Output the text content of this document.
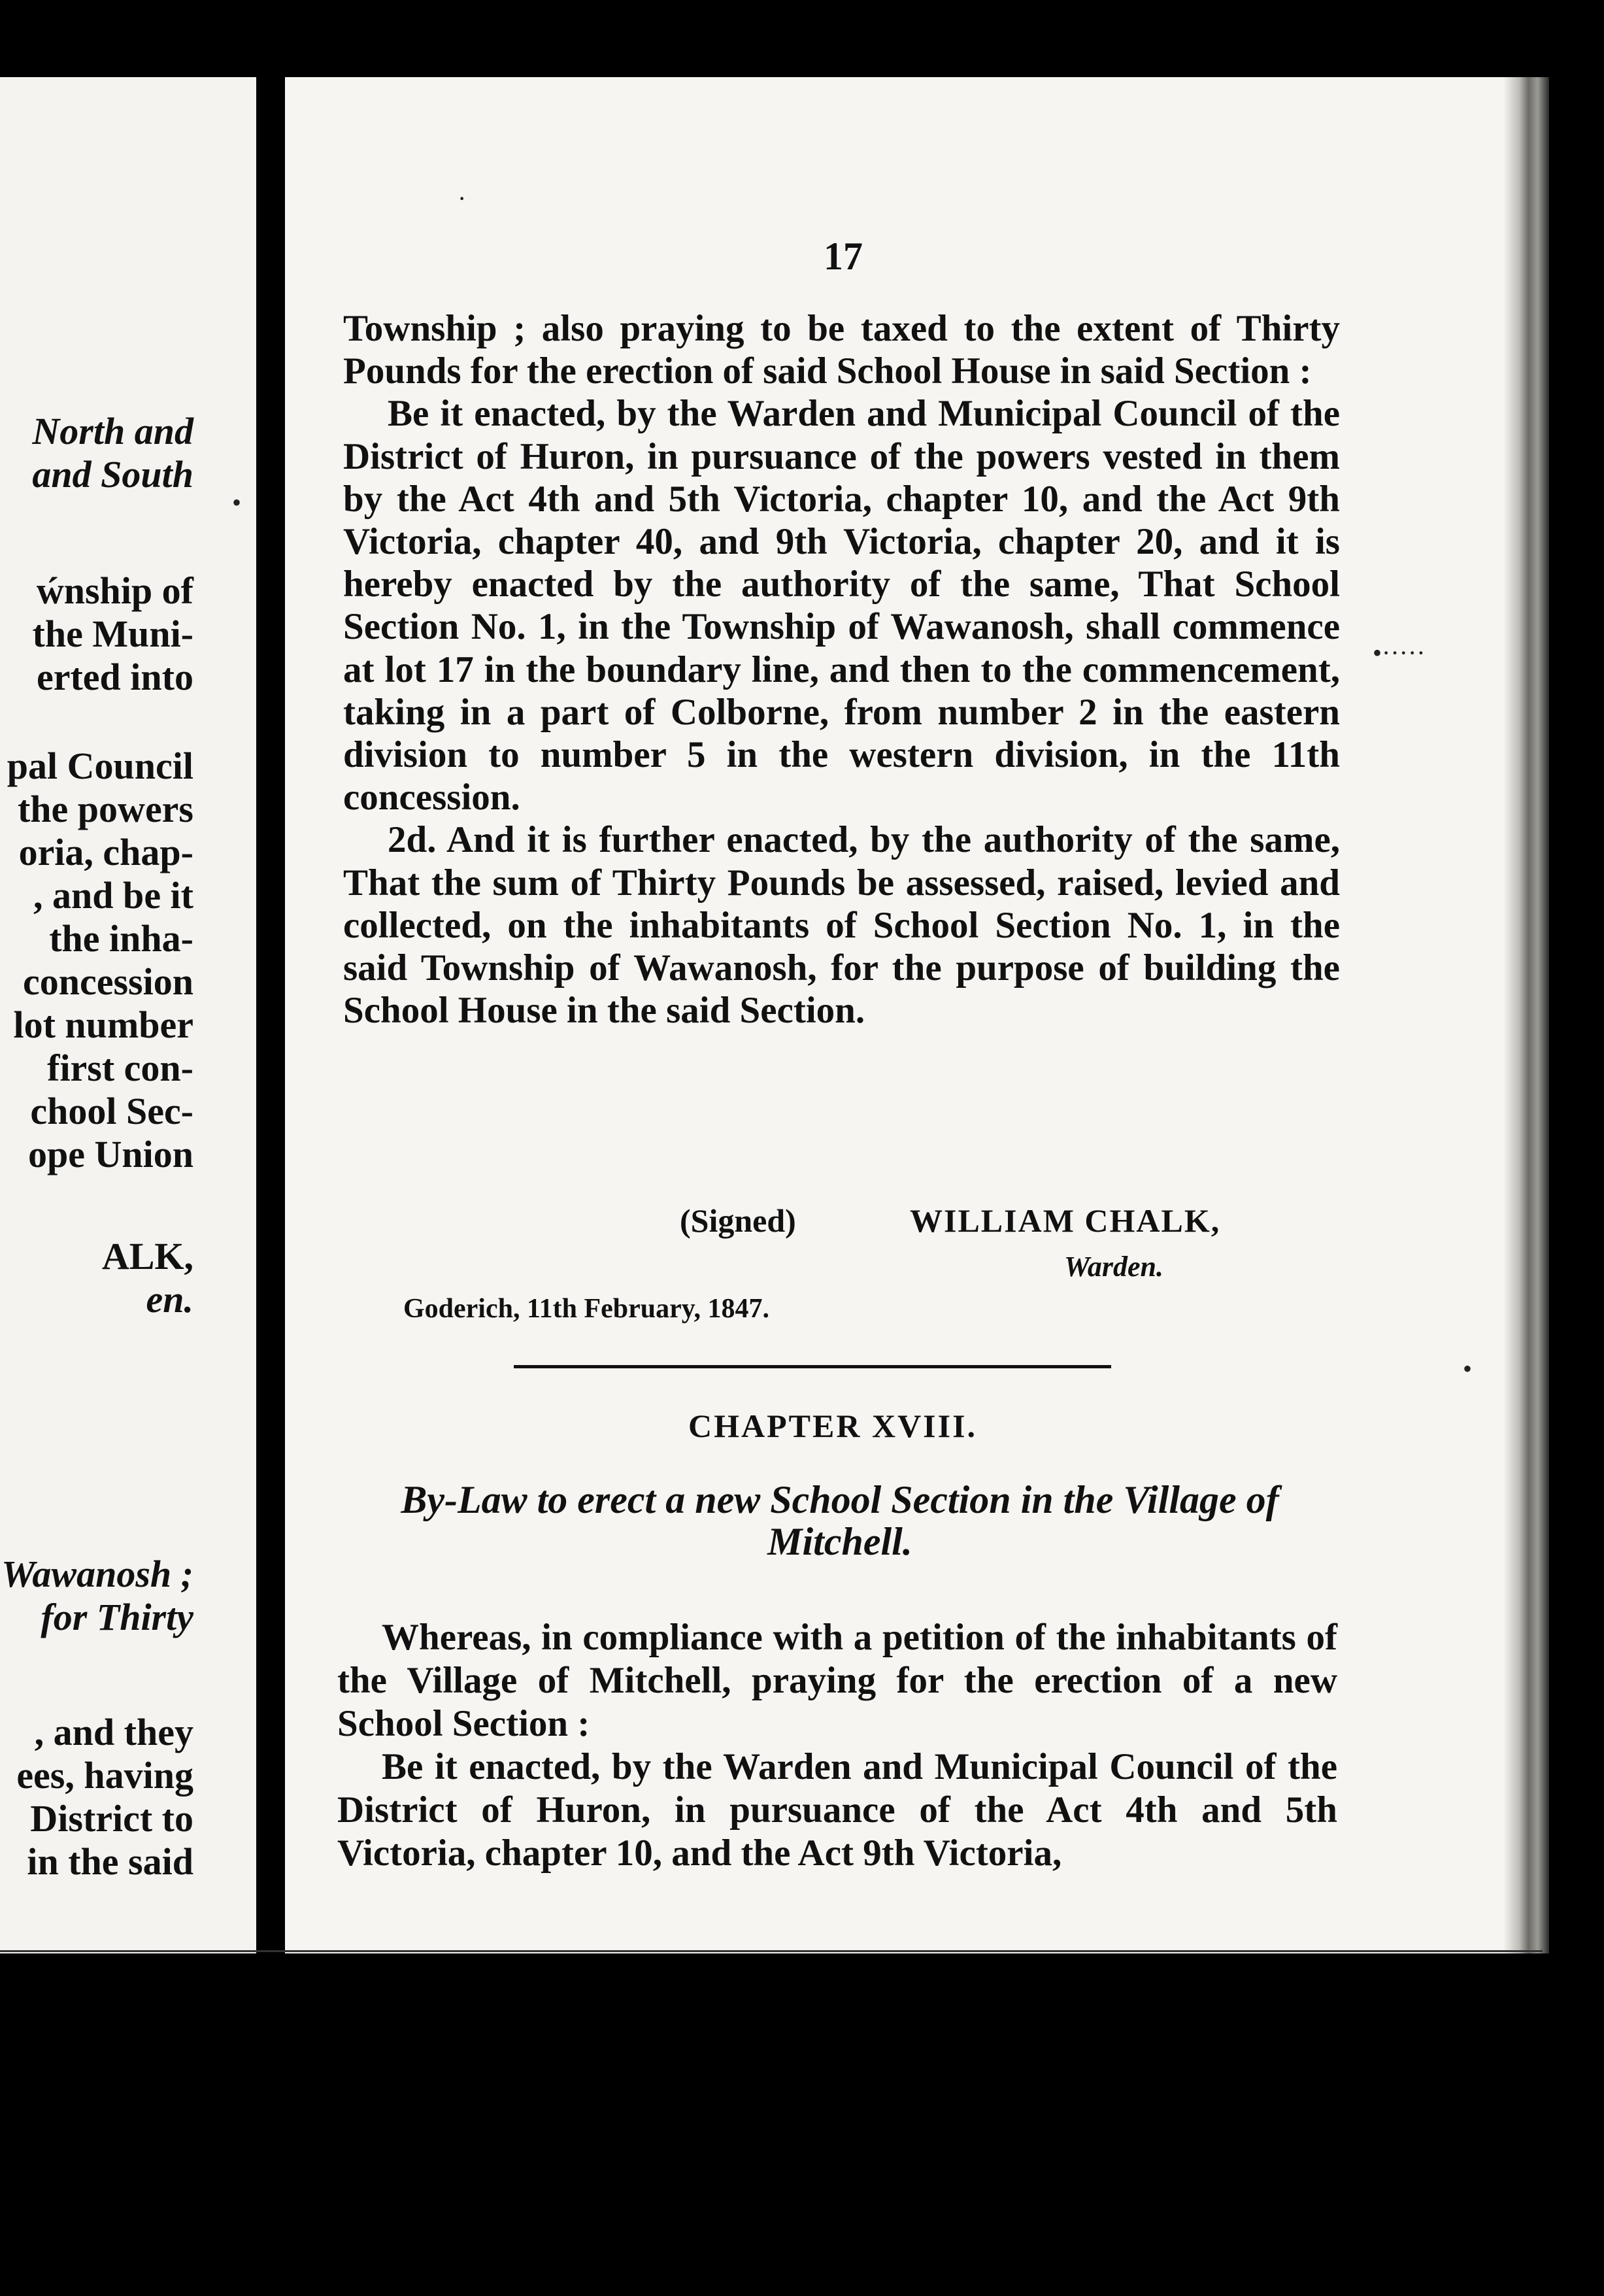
North and
and South
ẃnship of
the Muni-
erted into
pal Council
the powers
oria, chap-
, and be it
the inha-
concession
lot number
first con-
chool Sec-
ope Union
ALK,
en.
Wawanosh ;
for Thirty
, and they
ees, having
District to
in the said
17

Township ; also praying to be taxed to the extent of Thirty Pounds for the erection of said School House in said Section :

Be it enacted, by the Warden and Municipal Council of the District of Huron, in pursuance of the powers vested in them by the Act 4th and 5th Victoria, chapter 10, and the Act 9th Victoria, chapter 40, and 9th Victoria, chapter 20, and it is hereby enacted by the authority of the same, That School Section No. 1, in the Township of Wawanosh, shall commence at lot 17 in the boundary line, and then to the commencement, taking in a part of Colborne, from number 2 in the eastern division to number 5 in the western division, in the 11th concession.

2d. And it is further enacted, by the authority of the same, That the sum of Thirty Pounds be assessed, raised, levied and collected, on the inhabitants of School Section No. 1, in the said Township of Wawanosh, for the purpose of building the School House in the said Section.

(Signed)	WILLIAM CHALK,
Warden.
Goderich, 11th February, 1847.
CHAPTER XVIII.
By-Law to erect a new School Section in the Village of Mitchell.

Whereas, in compliance with a petition of the inhabitants of the Village of Mitchell, praying for the erection of a new School Section :

Be it enacted, by the Warden and Municipal Council of the District of Huron, in pursuance of the Act 4th and 5th Victoria, chapter 10, and the Act 9th Victoria,

·
•·····
•
•
